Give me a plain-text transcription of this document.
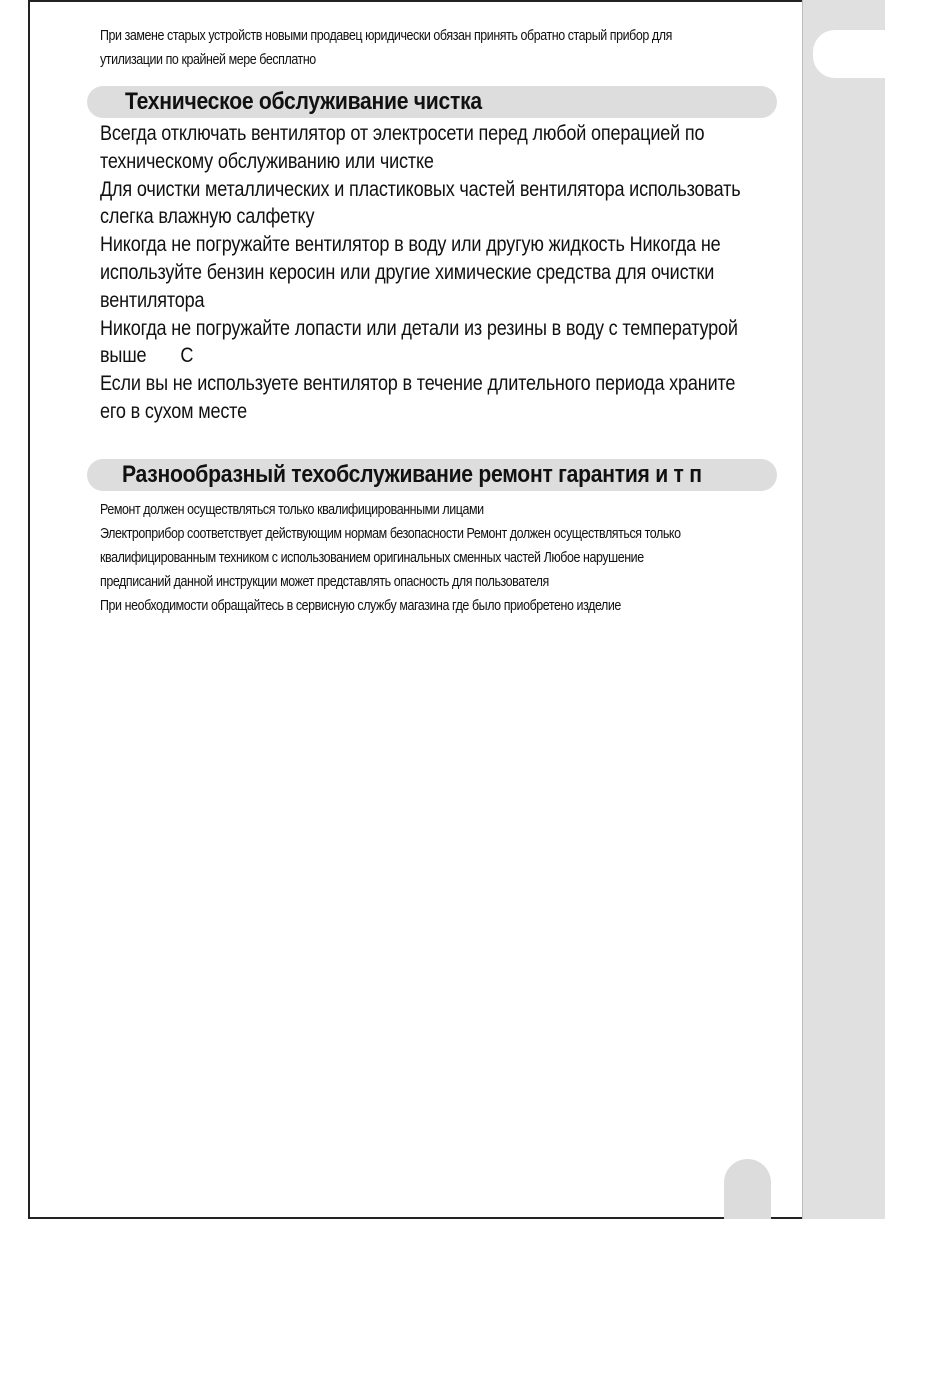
При замене старых устройств новыми продавец юридически обязан принять обратно старый прибор для

утилизации по крайней мере бесплатно

Техническое обслуживание чистка

Всегда отключать вентилятор от электросети перед любой операцией по

техническому обслуживанию или чистке

Для очистки металлических и пластиковых частей вентилятора использовать

слегка влажную салфетку

Никогда не погружайте вентилятор в воду или другую жидкость Никогда не

используйте бензин керосин или другие химические средства для очистки

вентилятора

Никогда не погружайте лопасти или детали из резины в воду с температурой

выше       С

Если вы не используете вентилятор в течение длительного периода храните

его в сухом месте

Разнообразный техобслуживание ремонт гарантия и т п

Ремонт должен осуществляться только квалифицированными лицами

Электроприбор соответствует действующим нормам безопасности Ремонт должен осуществляться только

квалифицированным техником с использованием оригинальных сменных частей Любое нарушение

предписаний данной инструкции может представлять опасность для пользователя

При необходимости обращайтесь в сервисную службу магазина где было приобретено изделие
